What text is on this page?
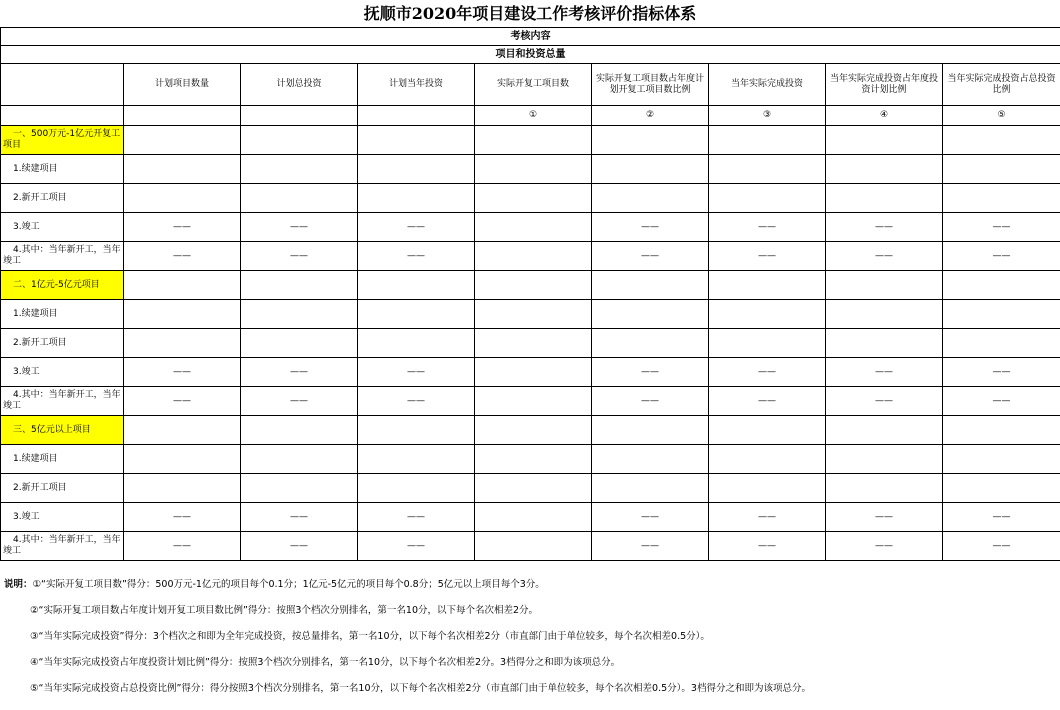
抚顺市2020年项目建设工作考核评价指标体系
考核内容								
项目和投资总量								
	计划项目数量	计划总投资	计划当年投资	实际开复工项目数	实际开复工项目数占年度计划开复工项目数比例	当年实际完成投资	当年实际完成投资占年度投资计划比例	当年实际完成投资占总投资比例
				①	②	③	④	⑤

一、500万元-1亿元开复工项目								

1.续建项目								

2.新开工项目								

3.竣工	——	——	——		——	——	——	——

4.其中：当年新开工，当年竣工	——	——	——		——	——	——	——

二、1亿元-5亿元项目								

1.续建项目								

2.新开工项目								

3.竣工	——	——	——		——	——	——	——

4.其中：当年新开工，当年竣工	——	——	——		——	——	——	——

三、5亿元以上项目								

1.续建项目								

2.新开工项目								

3.竣工	——	——	——		——	——	——	——

4.其中：当年新开工，当年竣工	——	——	——		——	——	——	——
说明：①“实际开复工项目数”得分：500万元-1亿元的项目每个0.1分；1亿元-5亿元的项目每个0.8分；5亿元以上项目每个3分。
②“实际开复工项目数占年度计划开复工项目数比例”得分：按照3个档次分别排名，第一名10分，以下每个名次相差2分。
③“当年实际完成投资”得分：3个档次之和即为全年完成投资，按总量排名，第一名10分，以下每个名次相差2分（市直部门由于单位较多，每个名次相差0.5分）。
④“当年实际完成投资占年度投资计划比例”得分：按照3个档次分别排名，第一名10分，以下每个名次相差2分。3档得分之和即为该项总分。
⑤“当年实际完成投资占总投资比例”得分：得分按照3个档次分别排名，第一名10分，以下每个名次相差2分（市直部门由于单位较多，每个名次相差0.5分）。3档得分之和即为该项总分。
